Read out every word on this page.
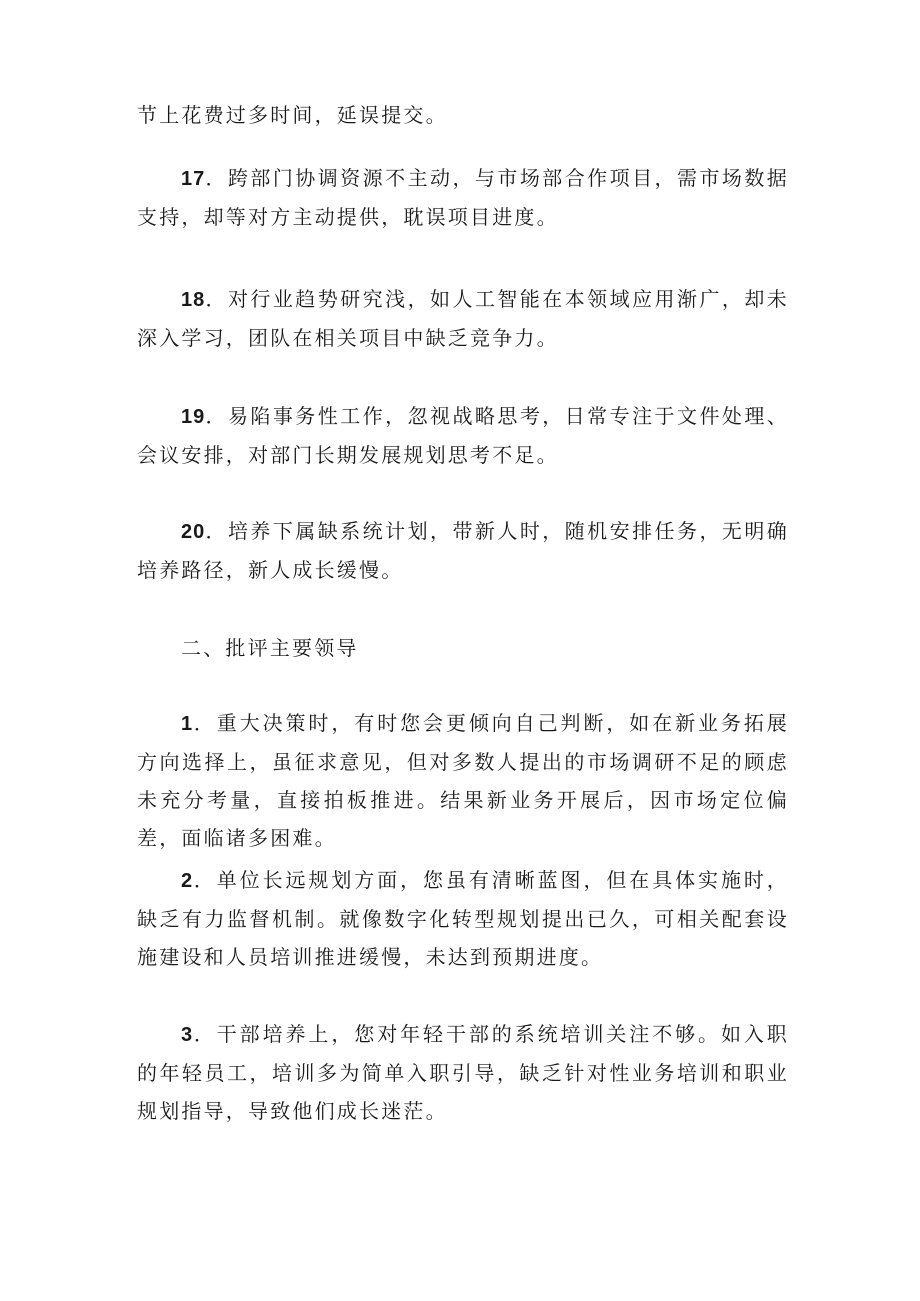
节上花费过多时间，延误提交。

17．跨部门协调资源不主动，与市场部合作项目，需市场数据支持，却等对方主动提供，耽误项目进度。

18．对行业趋势研究浅，如人工智能在本领域应用渐广，却未深入学习，团队在相关项目中缺乏竞争力。

19．易陷事务性工作，忽视战略思考，日常专注于文件处理、会议安排，对部门长期发展规划思考不足。

20．培养下属缺系统计划，带新人时，随机安排任务，无明确培养路径，新人成长缓慢。

二、批评主要领导

1．重大决策时，有时您会更倾向自己判断，如在新业务拓展方向选择上，虽征求意见，但对多数人提出的市场调研不足的顾虑未充分考量，直接拍板推进。结果新业务开展后，因市场定位偏差，面临诸多困难。

2．单位长远规划方面，您虽有清晰蓝图，但在具体实施时，缺乏有力监督机制。就像数字化转型规划提出已久，可相关配套设施建设和人员培训推进缓慢，未达到预期进度。

3．干部培养上，您对年轻干部的系统培训关注不够。如入职的年轻员工，培训多为简单入职引导，缺乏针对性业务培训和职业规划指导，导致他们成长迷茫。
